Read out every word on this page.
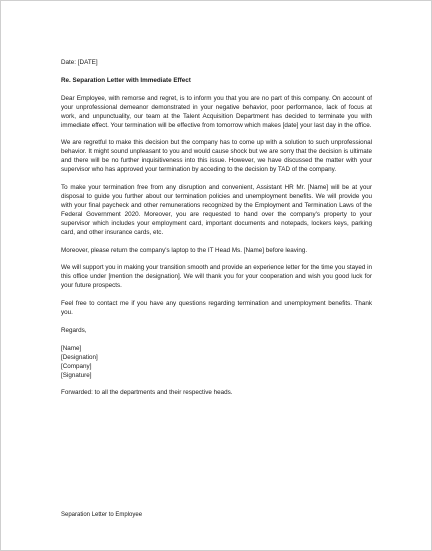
Date: [DATE]

Re. Separation Letter with Immediate Effect

Dear Employee, with remorse and regret, is to inform you that you are no part of this company. On account of your unprofessional demeanor demonstrated in your negative behavior, poor performance, lack of focus at work, and unpunctuality, our team at the Talent Acquisition Department has decided to terminate you with immediate effect. Your termination will be effective from tomorrow which makes [date] your last day in the office.

We are regretful to make this decision but the company has to come up with a solution to such unprofessional behavior. It might sound unpleasant to you and would cause shock but we are sorry that the decision is ultimate and there will be no further inquisitiveness into this issue. However, we have discussed the matter with your supervisor who has approved your termination by acceding to the decision by TAD of the company.

To make your termination free from any disruption and convenient, Assistant HR Mr. [Name] will be at your disposal to guide you further about our termination policies and unemployment benefits. We will provide you with your final paycheck and other remunerations recognized by the Employment and Termination Laws of the Federal Government 2020. Moreover, you are requested to hand over the company's property to your supervisor which includes your employment card, important documents and notepads, lockers keys, parking card, and other insurance cards, etc.

Moreover, please return the company's laptop to the IT Head Ms. [Name] before leaving.

We will support you in making your transition smooth and provide an experience letter for the time you stayed in this office under [mention the designation]. We will thank you for your cooperation and wish you good luck for your future prospects.

Feel free to contact me if you have any questions regarding termination and unemployment benefits. Thank you.

Regards,

[Name]
[Designation]
[Company]
[Signature]

Forwarded: to all the departments and their respective heads.

Separation Letter to Employee
